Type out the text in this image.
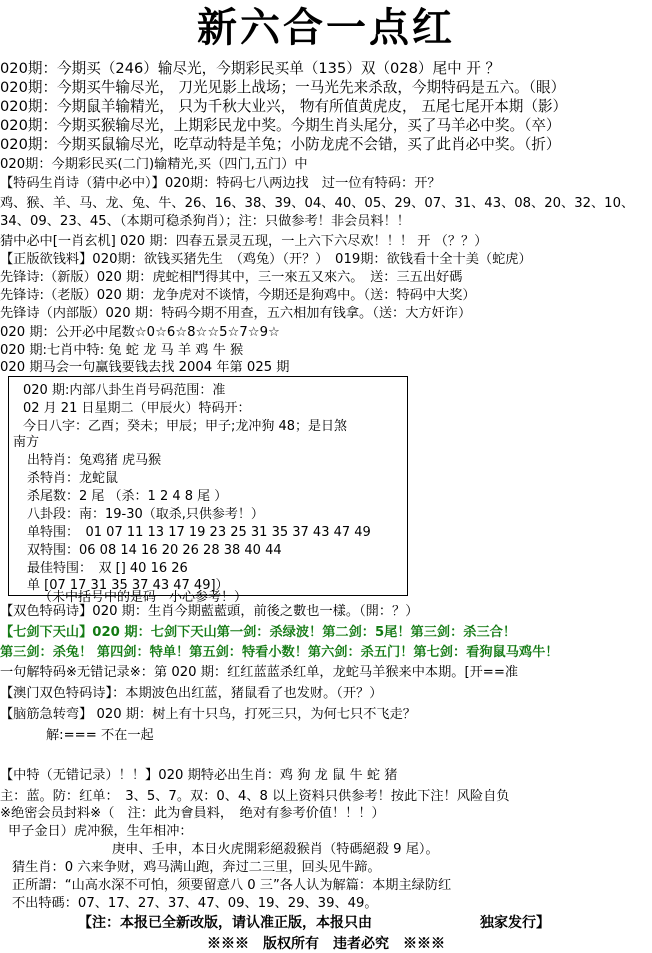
新六合一点红
020期：今期买（246）输尽光，今期彩民买单（135）双（028）尾中 开 ？
020期：今期买牛输尽光， 刀光见影上战场；一马光先来杀敌，今期特码是五六。（眼）
020期：今期鼠羊输精光， 只为千秋大业兴， 物有所值黄虎皮， 五尾七尾开本期（影）
020期：今期买猴输尽光，上期彩民龙中奖。今期生肖头尾分，买了马羊必中奖。（卒）
020期：今期买鼠输尽光，吃草动特是羊兔；小防龙虎不会错，买了此肖必中奖。（折）
020期：今期彩民买(二门)输精光,买（四门,五门）中
【特码生肖诗（猜中必中）】020期：特码七八两边找　过一位有特码：开？
鸡、猴、羊、马、龙、兔、牛、26、16、38、39、04、40、05、29、07、31、43、08、20、32、10、
34、09、23、45、（本期可稳杀狗肖）；注：只做参考！非会员料！！
猜中必中[一肖玄机] 020 期：四春五景灵五现，一上六下六尽欢！！！ 开 （？？）
【正版欲钱料】020期：欲钱买猪先生　（鸡兔）（开？）　019期：欲钱看十全十美（蛇虎）
先锋诗:（新版）020 期：虎蛇相鬥得其中，三一來五又來六。　送：三五出好碼
先锋诗:（老版）020 期：龙争虎对不谈情，今期还是狗鸡中。（送：特码中大奖）
先锋诗（内部版）020 期：特码今期不用查，五六相加有钱拿。（送：大方奸诈）
020 期：公开必中尾数☆0☆6☆8☆☆5☆7☆9☆
020 期:七肖中特: 兔 蛇 龙 马 羊 鸡 牛 猴
020 期马会一句赢钱要钱去找 2004 年第 025 期
020 期:内部八卦生肖号码范围：准
02 月 21 日星期二（甲辰火）特码开：
今日八字：乙酉；癸未；甲辰；甲子;龙冲狗 48；是日煞
南方
出特肖：兔鸡猪 虎马猴
杀特肖：龙蛇鼠
杀尾数：2 尾 （杀：1 2 4 8 尾 ）
八卦段：南：19-30（取杀,只供参考！）
单特围：　01 07 11 13 17 19 23 25 31 35 37 43 47 49
双特围：06 08 14 16 20 26 28 38 40 44
最佳特围：　双 [] 40 16 26
单 [07 17 31 35 37 43 47 49]）
（未中括号中的是码　小心参考！）
【双色特码诗】020 期：生肖今期藍藍頭，前後之數也一樣。（開：？）
【七剑下天山】020 期：七剑下天山第一剑：杀绿波！第二剑：5尾！第三剑：杀三合！
第三剑：杀兔！ 第四剑：特单！第五剑：特看小数！第六剑：杀五门！第七剑：看狗鼠马鸡牛！
一句解特码※无错记录※：第 020 期：红红蓝蓝杀红单，龙蛇马羊猴来中本期。[开==准
【澳门双色特码诗】：本期波色出红蓝，猪鼠看了也发财。（开？）
【脑筋急转弯】 020 期：树上有十只鸟，打死三只，为何七只不飞走？
解:=== 不在一起
【中特（无错记录）！！】020 期特必出生肖：鸡 狗 龙 鼠 牛 蛇 猪
主：蓝。防：红单：　3、5、7。双：0、4、8 以上资料只供参考！按此下注！风险自负
※绝密会员封料※（　注：此为會員料，　绝对有参考价值！！！）
甲子金日）虎冲猴，生年相冲：
庚申、壬申，本日火虎開彩絕殺猴肖（特碼絕殺 9 尾）。
猜生肖：0 六来争财，鸡马满山跑，奔过二三里，回头见牛蹄。
正所謂：“山高水深不可怕，须要留意八 0 三”各人认为解篇：本期主绿防红
不出特碼：07、17、27、37、47、09、19、29、39、49。
【注：本报已全新改版，请认准正版，本报只由	独家发行】
※※※　版权所有　违者必究　※※※
